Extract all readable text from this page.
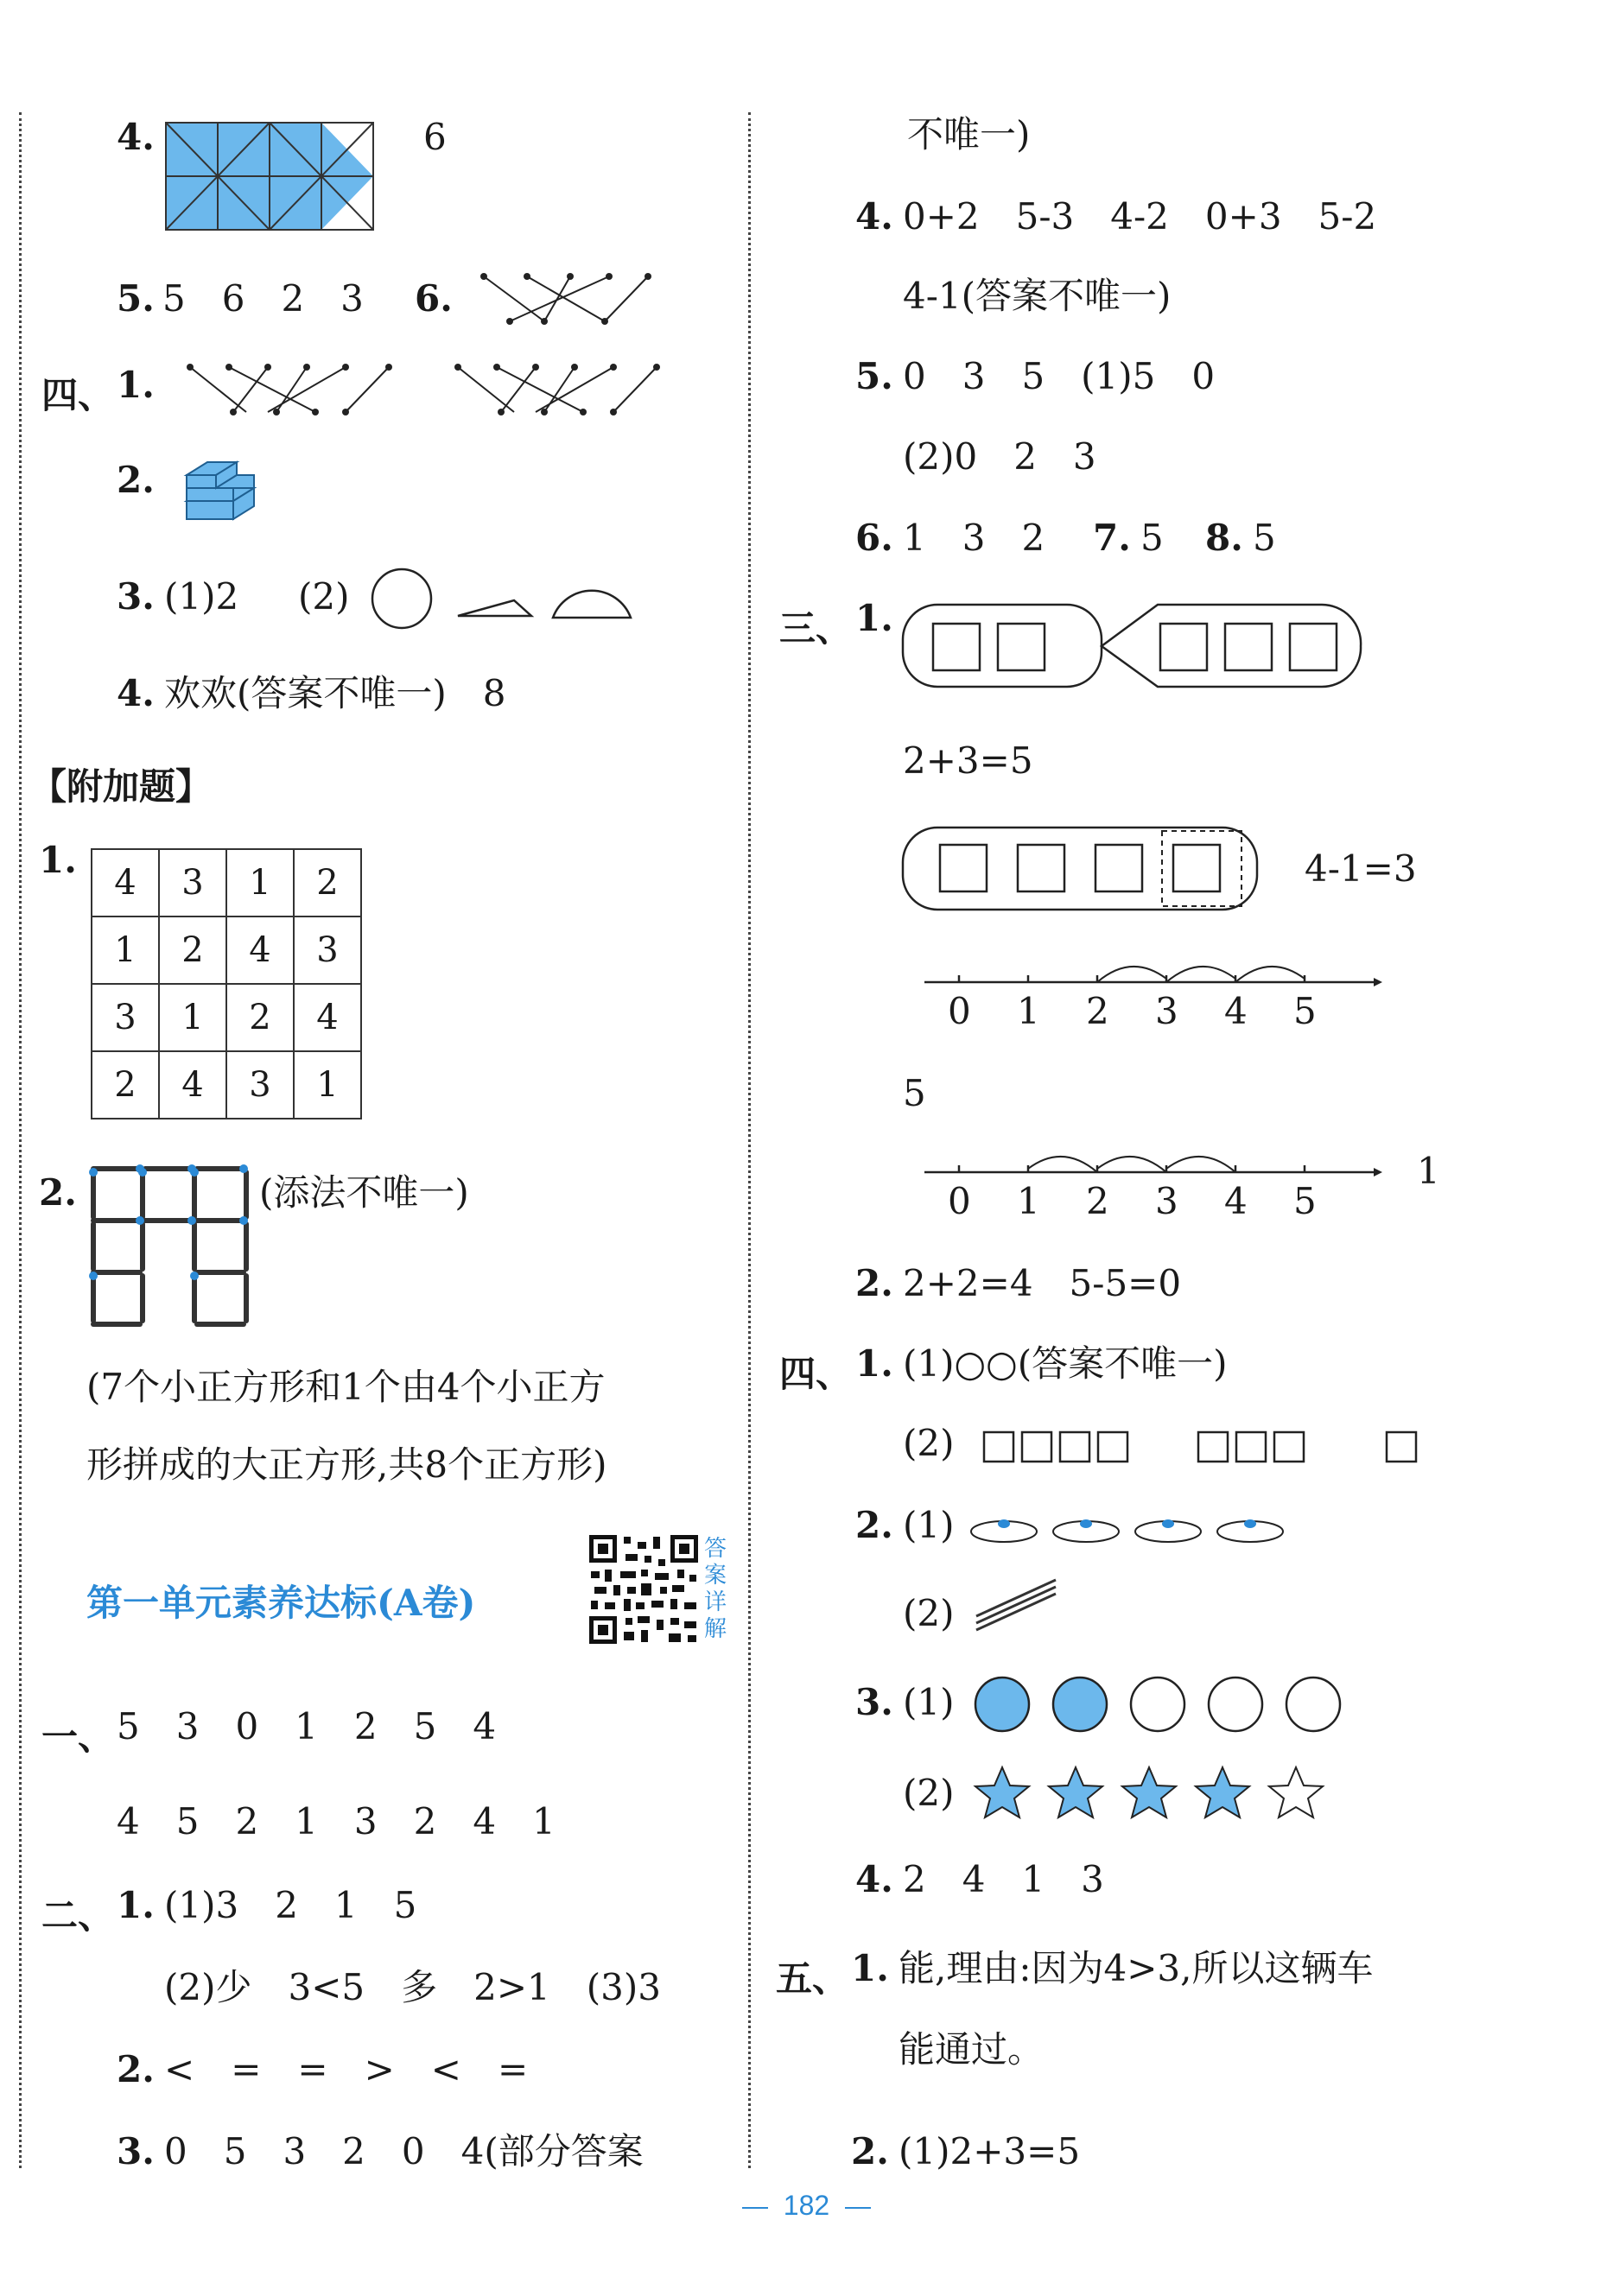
4.	6
5. 5　6　2　3 6.
四、 1.
2.
3. (1)2 (2)
4. 欢欢(答案不唯一)　8
【附加题】
1.
4	3	1	2
1	2	4	3
3	1	2	4
2	4	3	1
2.	(添法不唯一)
(7个小正方形和1个由4个小正方
形拼成的大正方形,共8个正方形)
第一单元素养达标(A卷)
答案详解
一、 5　3　0　1　2　5　4
4　5　2　1　3　2　4　1
二、 1. (1)3　2　1　5
(2)少　3<5　多　2>1　(3)3
2. <　=　=　>　<　=
3. 0　5　3　2　0　4(部分答案
不唯一)
4. 0+2　5-3　4-2　0+3　5-2
4-1(答案不唯一)
5. 0　3　5　(1)5　0
(2)0　2　3
6. 1　3　2 7. 5 8. 5
三、 1.
2+3=5
4-1=3
0 1 2 3 4 5
5
0 1 2 3 4 5
1
2. 2+2=4　5-5=0
四、 1. (1)○○(答案不唯一)
(2)
2. (1)
(2)
3. (1)
(2)
4. 2　4　1　3
五、 1. 能,理由:因为4>3,所以这辆车
能通过。
2. (1)2+3=5
182
